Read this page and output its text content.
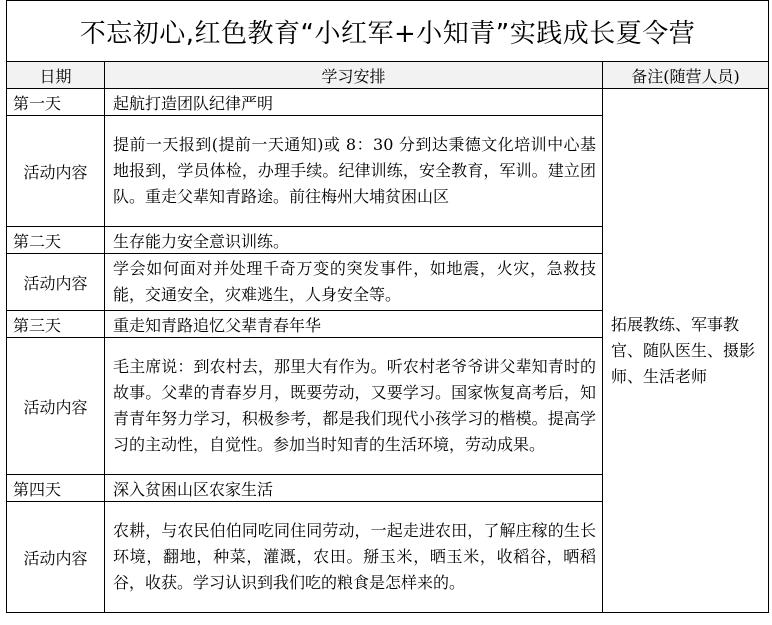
不忘初心,红色教育“小红军+小知青”实践成长夏令营		
日期	学习安排	备注(随营人员)
第一天	起航打造团队纪律严明	拓展教练、军事教官、随队医生、摄影师、生活老师
活动内容	提前一天报到(提前一天通知)或 8：30 分到达秉德文化培训中心基地报到，学员体检，办理手续。纪律训练，安全教育，军训。建立团队。重走父辈知青路途。前往梅州大埔贫困山区	
第二天	生存能力安全意识训练。	
活动内容	学会如何面对并处理千奇万变的突发事件，如地震，火灾，急救技能，交通安全，灾难逃生，人身安全等。	
第三天	重走知青路追忆父辈青春年华	
活动内容	毛主席说：到农村去，那里大有作为。听农村老爷爷讲父辈知青时的故事。父辈的青春岁月，既要劳动，又要学习。国家恢复高考后，知青青年努力学习，积极参考，都是我们现代小孩学习的楷模。提高学习的主动性，自觉性。参加当时知青的生活环境，劳动成果。	
第四天	深入贫困山区农家生活	
活动内容	农耕，与农民伯伯同吃同住同劳动，一起走进农田，了解庄稼的生长环境，翻地，种菜，灌溉，农田。掰玉米，晒玉米，收稻谷，晒稻谷，收获。学习认识到我们吃的粮食是怎样来的。	
